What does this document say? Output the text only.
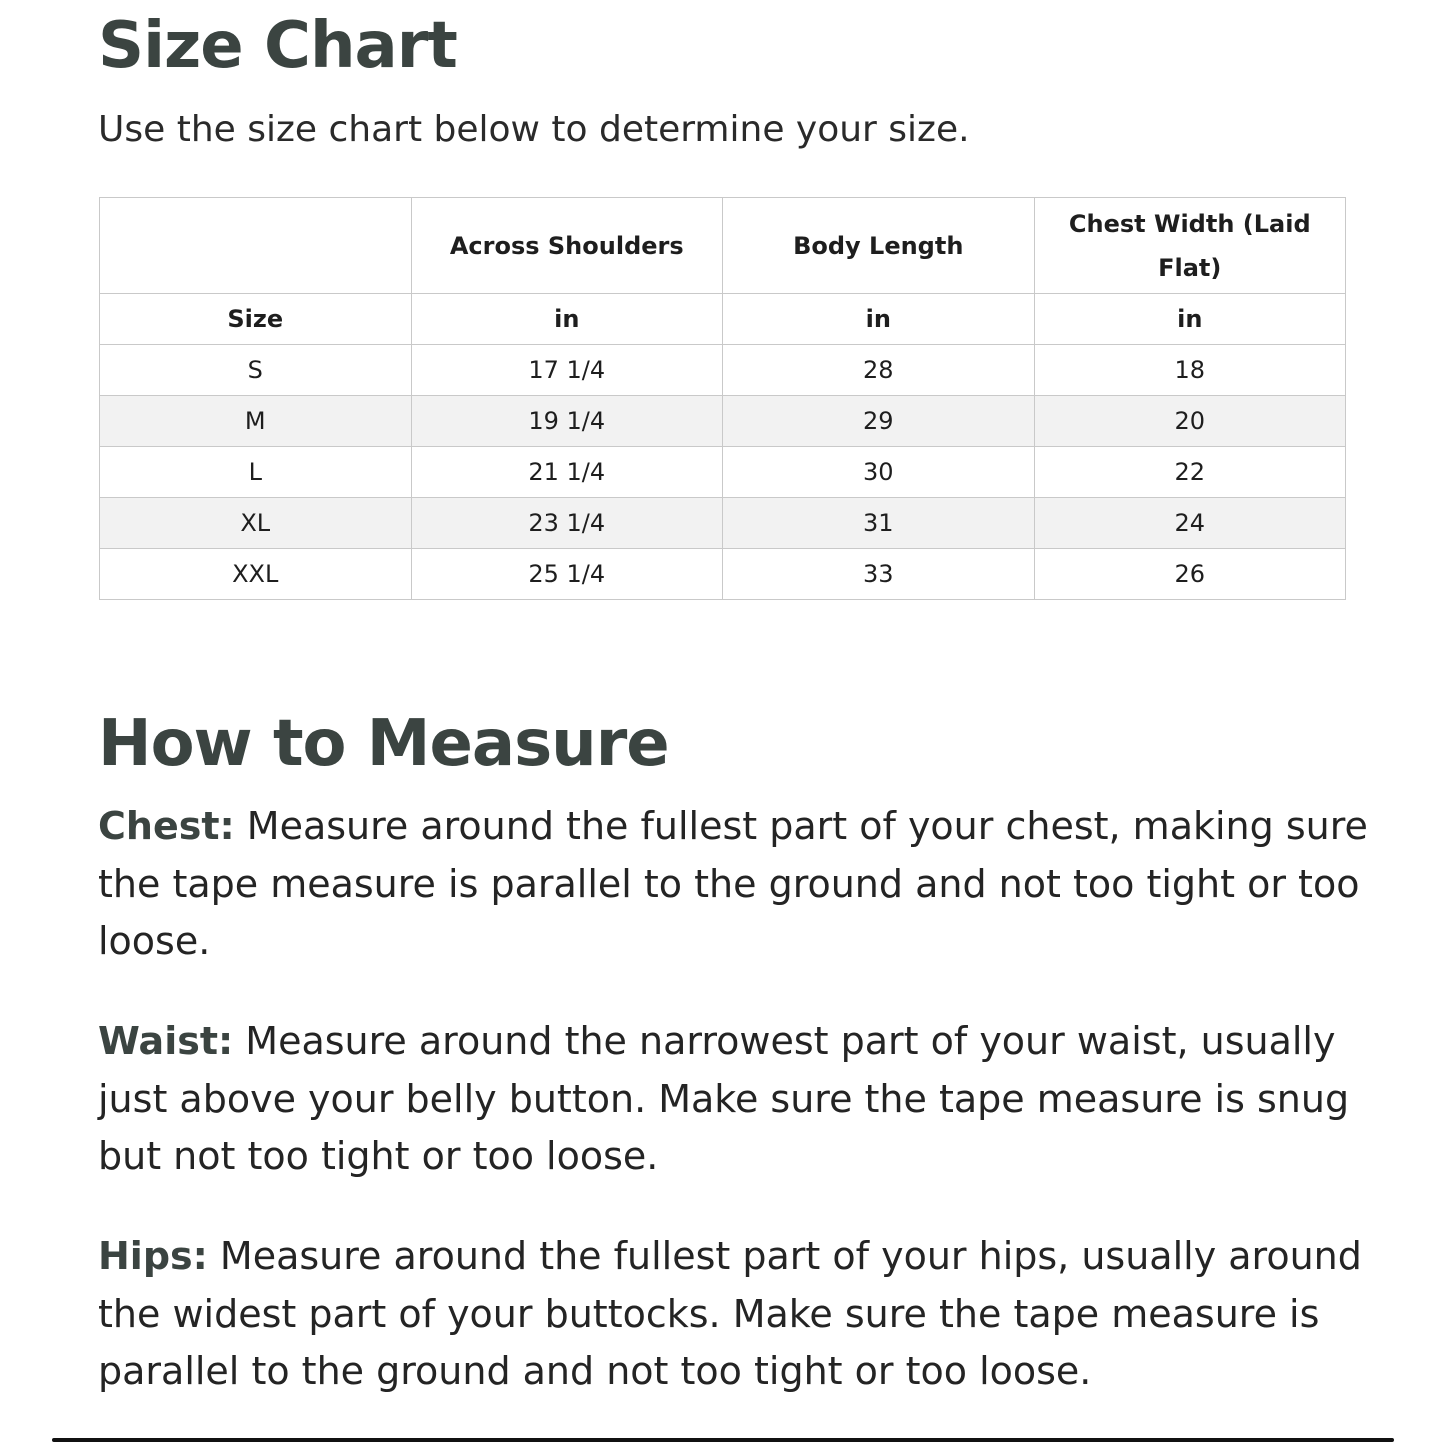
Size Chart

Use the size chart below to determine your size.

	Across Shoulders	Body Length	Chest Width (Laid Flat)
Size	in	in	in
S	17 1/4	28	18
M	19 1/4	29	20
L	21 1/4	30	22
XL	23 1/4	31	24
XXL	25 1/4	33	26
How to Measure

Chest: Measure around the fullest part of your chest, making sure the tape measure is parallel to the ground and not too tight or too loose.

Waist: Measure around the narrowest part of your waist, usually just above your belly button. Make sure the tape measure is snug but not too tight or too loose.

Hips: Measure around the fullest part of your hips, usually around the widest part of your buttocks. Make sure the tape measure is parallel to the ground and not too tight or too loose.
